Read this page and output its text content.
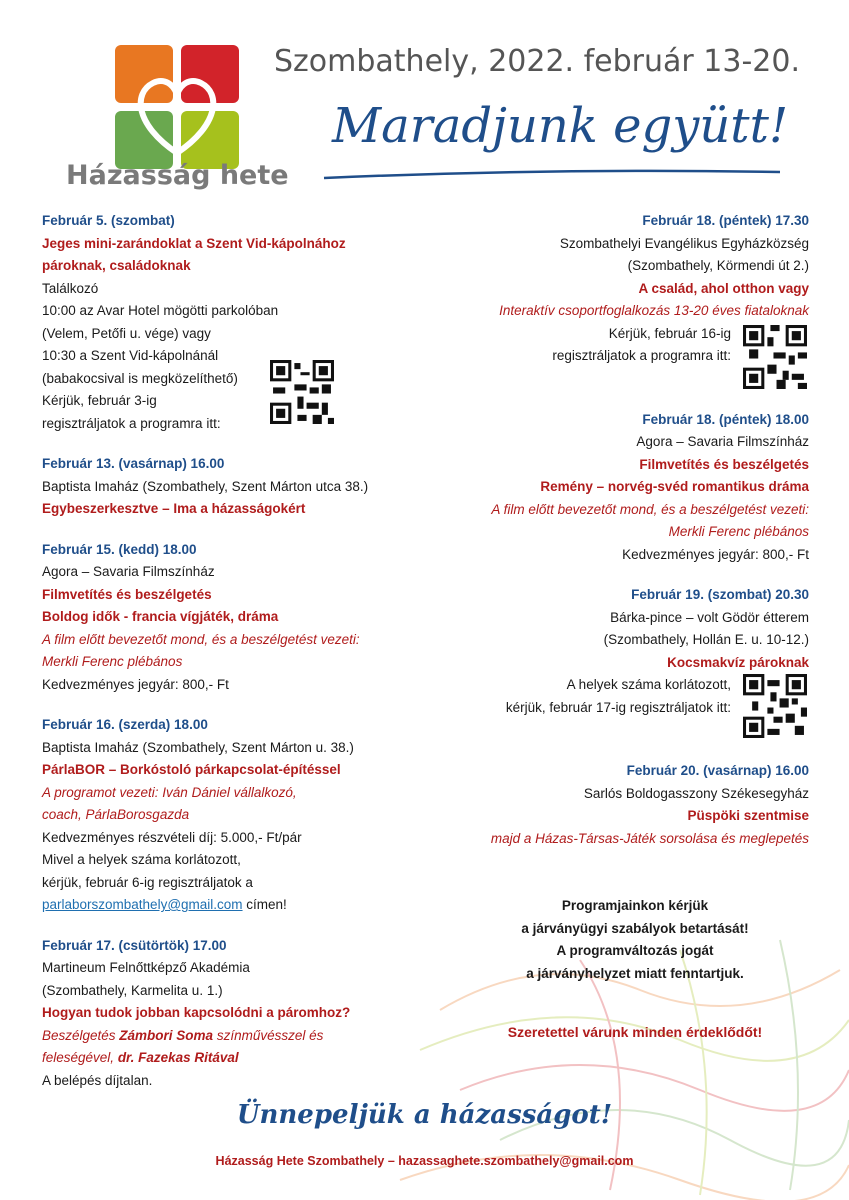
Házasság hete
Szombathely, 2022. február 13-20.
Maradjunk együtt!
Február 5. (szombat)
Jeges mini-zarándoklat a Szent Vid-kápolnához
pároknak, családoknak
Találkozó
10:00 az Avar Hotel mögötti parkolóban
(Velem, Petőfi u. vége) vagy
10:30 a Szent Vid-kápolnánál
(babakocsival is megközelíthető)
Kérjük, február 3-ig
regisztráljatok a programra itt:
Február 13. (vasárnap) 16.00
Baptista Imaház (Szombathely, Szent Márton utca 38.)
Egybeszerkesztve – Ima a házasságokért
Február 15. (kedd) 18.00
Agora – Savaria Filmszínház
Filmvetítés és beszélgetés
Boldog idők - francia vígjáték, dráma
A film előtt bevezetőt mond, és a beszélgetést vezeti:
Merkli Ferenc plébános
Kedvezményes jegyár: 800,- Ft
Február 16. (szerda) 18.00
Baptista Imaház (Szombathely, Szent Márton u. 38.)
PárlaBOR – Borkóstoló párkapcsolat-építéssel
A programot vezeti: Iván Dániel vállalkozó,
coach, PárlaBorosgazda
Kedvezményes részvételi díj: 5.000,- Ft/pár
Mivel a helyek száma korlátozott,
kérjük, február 6-ig regisztráljatok a
parlaborszombathely@gmail.com címen!
Február 17. (csütörtök) 17.00
Martineum Felnőttképző Akadémia
(Szombathely, Karmelita u. 1.)
Hogyan tudok jobban kapcsolódni a páromhoz?
Beszélgetés Zámbori Soma színművésszel és
feleségével, dr. Fazekas Ritával
A belépés díjtalan.
Február 18. (péntek) 17.30
Szombathelyi Evangélikus Egyházközség
(Szombathely, Körmendi út 2.)
A család, ahol otthon vagy
Interaktív csoportfoglalkozás 13-20 éves fiataloknak
Kérjük, február 16-ig
regisztráljatok a programra itt:
Február 18. (péntek) 18.00
Agora – Savaria Filmszínház
Filmvetítés és beszélgetés
Remény – norvég-svéd romantikus dráma
A film előtt bevezetőt mond, és a beszélgetést vezeti:
Merkli Ferenc plébános
Kedvezményes jegyár: 800,- Ft
Február 19. (szombat) 20.30
Bárka-pince – volt Gödör étterem
(Szombathely, Hollán E. u. 10-12.)
Kocsmakvíz pároknak
A helyek száma korlátozott,
kérjük, február 17-ig regisztráljatok itt:
Február 20. (vasárnap) 16.00
Sarlós Boldogasszony Székesegyház
Püspöki szentmise
majd a Házas-Társas-Játék sorsolása és meglepetés
Programjainkon kérjük
a járványügyi szabályok betartását!
A programváltozás jogát
a járványhelyzet miatt fenntartjuk.
Szeretettel várunk minden érdeklődőt!
Ünnepeljük a házasságot!
Házasság Hete Szombathely – hazassaghete.szombathely@gmail.com
